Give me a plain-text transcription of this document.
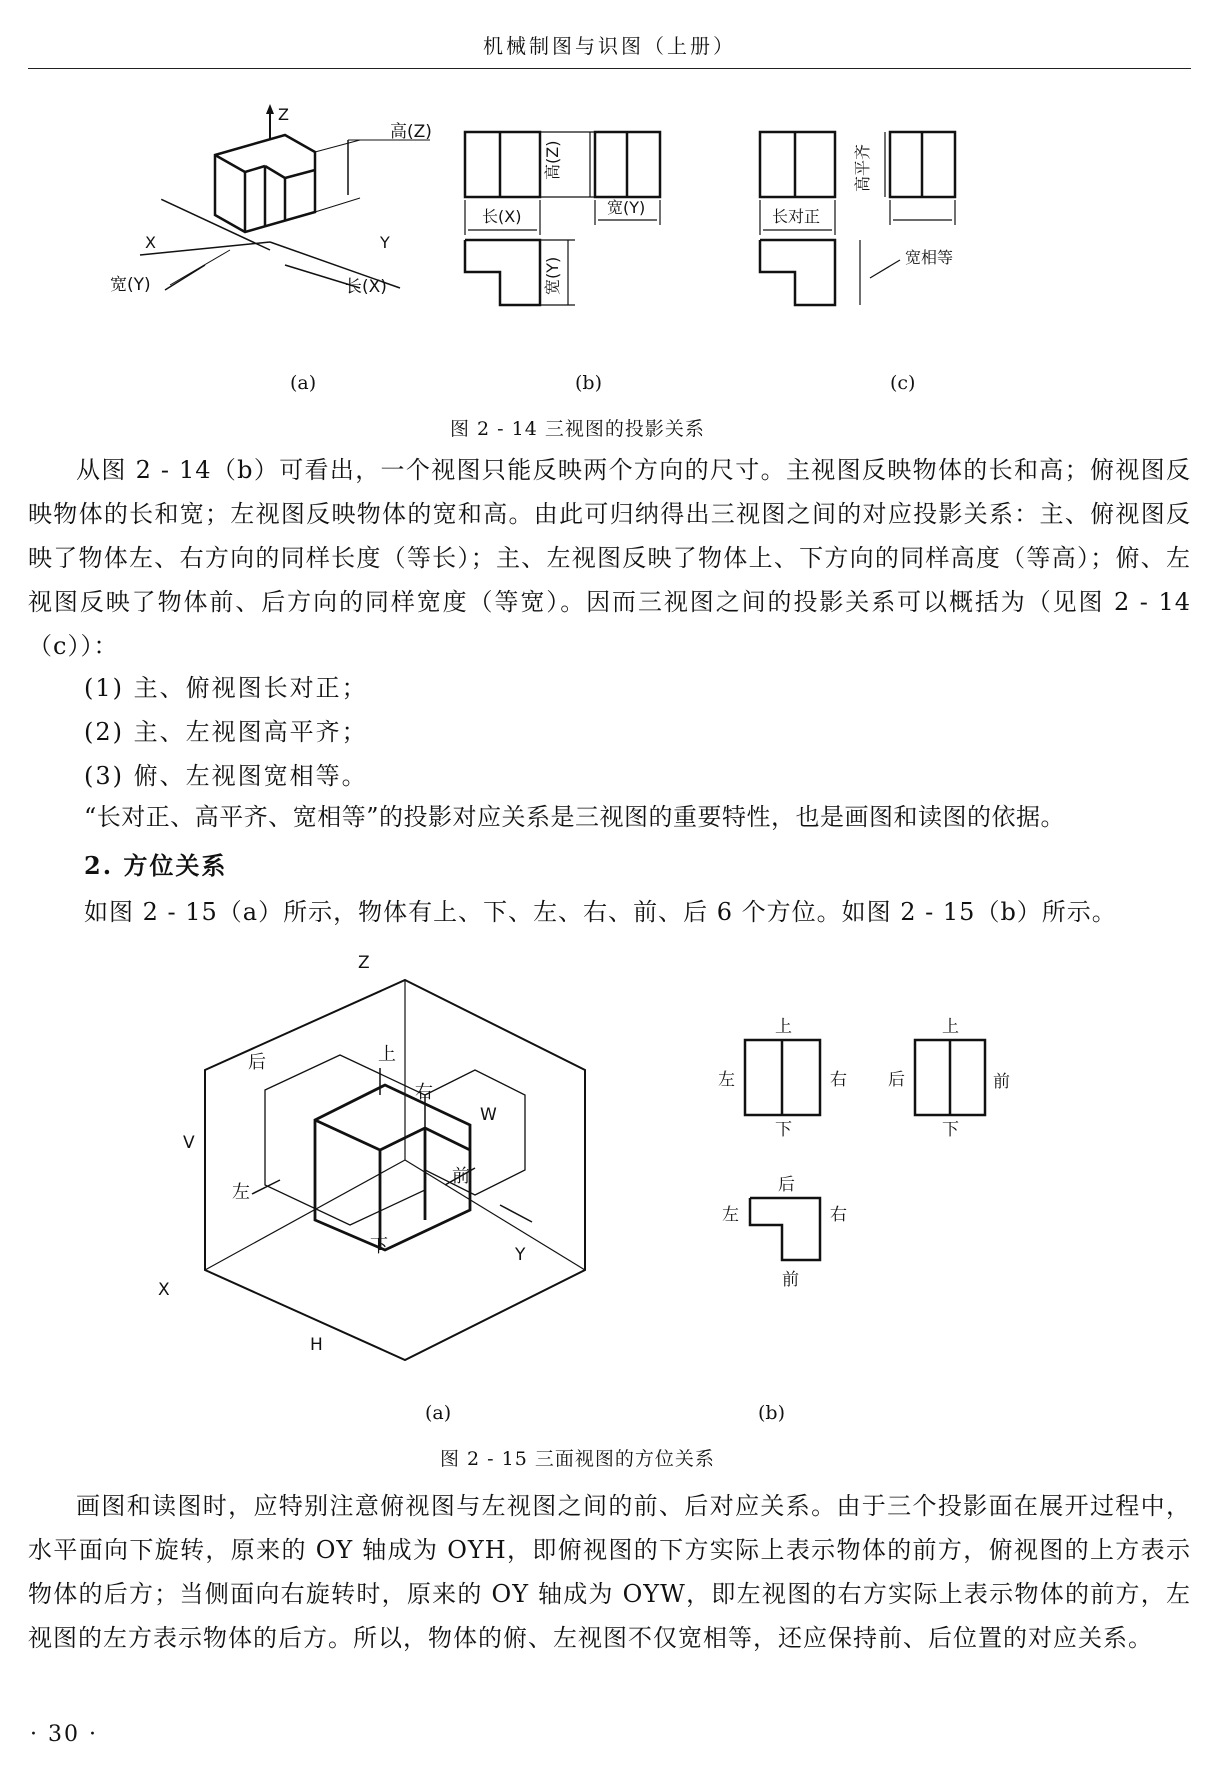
机械制图与识图（上册）
Z
X	Y
高(Z)
宽(Y)	长(X)
高(Z)
长(X)	宽(Y)
宽(Y)
高平齐
长对正
宽相等
(a)	(b)	(c)
图 2 - 14 三视图的投影关系

从图 2 - 14（b）可看出，一个视图只能反映两个方向的尺寸。主视图反映物体的长和高；俯视图反映物体的长和宽；左视图反映物体的宽和高。由此可归纳得出三视图之间的对应投影关系：主、俯视图反映了物体左、右方向的同样长度（等长）；主、左视图反映了物体上、下方向的同样高度（等高）；俯、左视图反映了物体前、后方向的同样宽度（等宽）。因而三视图之间的投影关系可以概括为（见图 2 - 14（c））：

(1) 主、俯视图长对正；
(2) 主、左视图高平齐；
(3) 俯、左视图宽相等。

“长对正、高平齐、宽相等”的投影对应关系是三视图的重要特性，也是画图和读图的依据。

2. 方位关系

如图 2 - 15（a）所示，物体有上、下、左、右、前、后 6 个方位。如图 2 - 15（b）所示。

Z
X
Y
V
W
H
上
下
左
右
前
后
上
下
左	右
上
下
后	前
后
前
左	右
(a)	(b)
图 2 - 15 三面视图的方位关系

画图和读图时，应特别注意俯视图与左视图之间的前、后对应关系。由于三个投影面在展开过程中，水平面向下旋转，原来的 OY 轴成为 OYH，即俯视图的下方实际上表示物体的前方，俯视图的上方表示物体的后方；当侧面向右旋转时，原来的 OY 轴成为 OYW，即左视图的右方实际上表示物体的前方，左视图的左方表示物体的后方。所以，物体的俯、左视图不仅宽相等，还应保持前、后位置的对应关系。

· 30 ·
